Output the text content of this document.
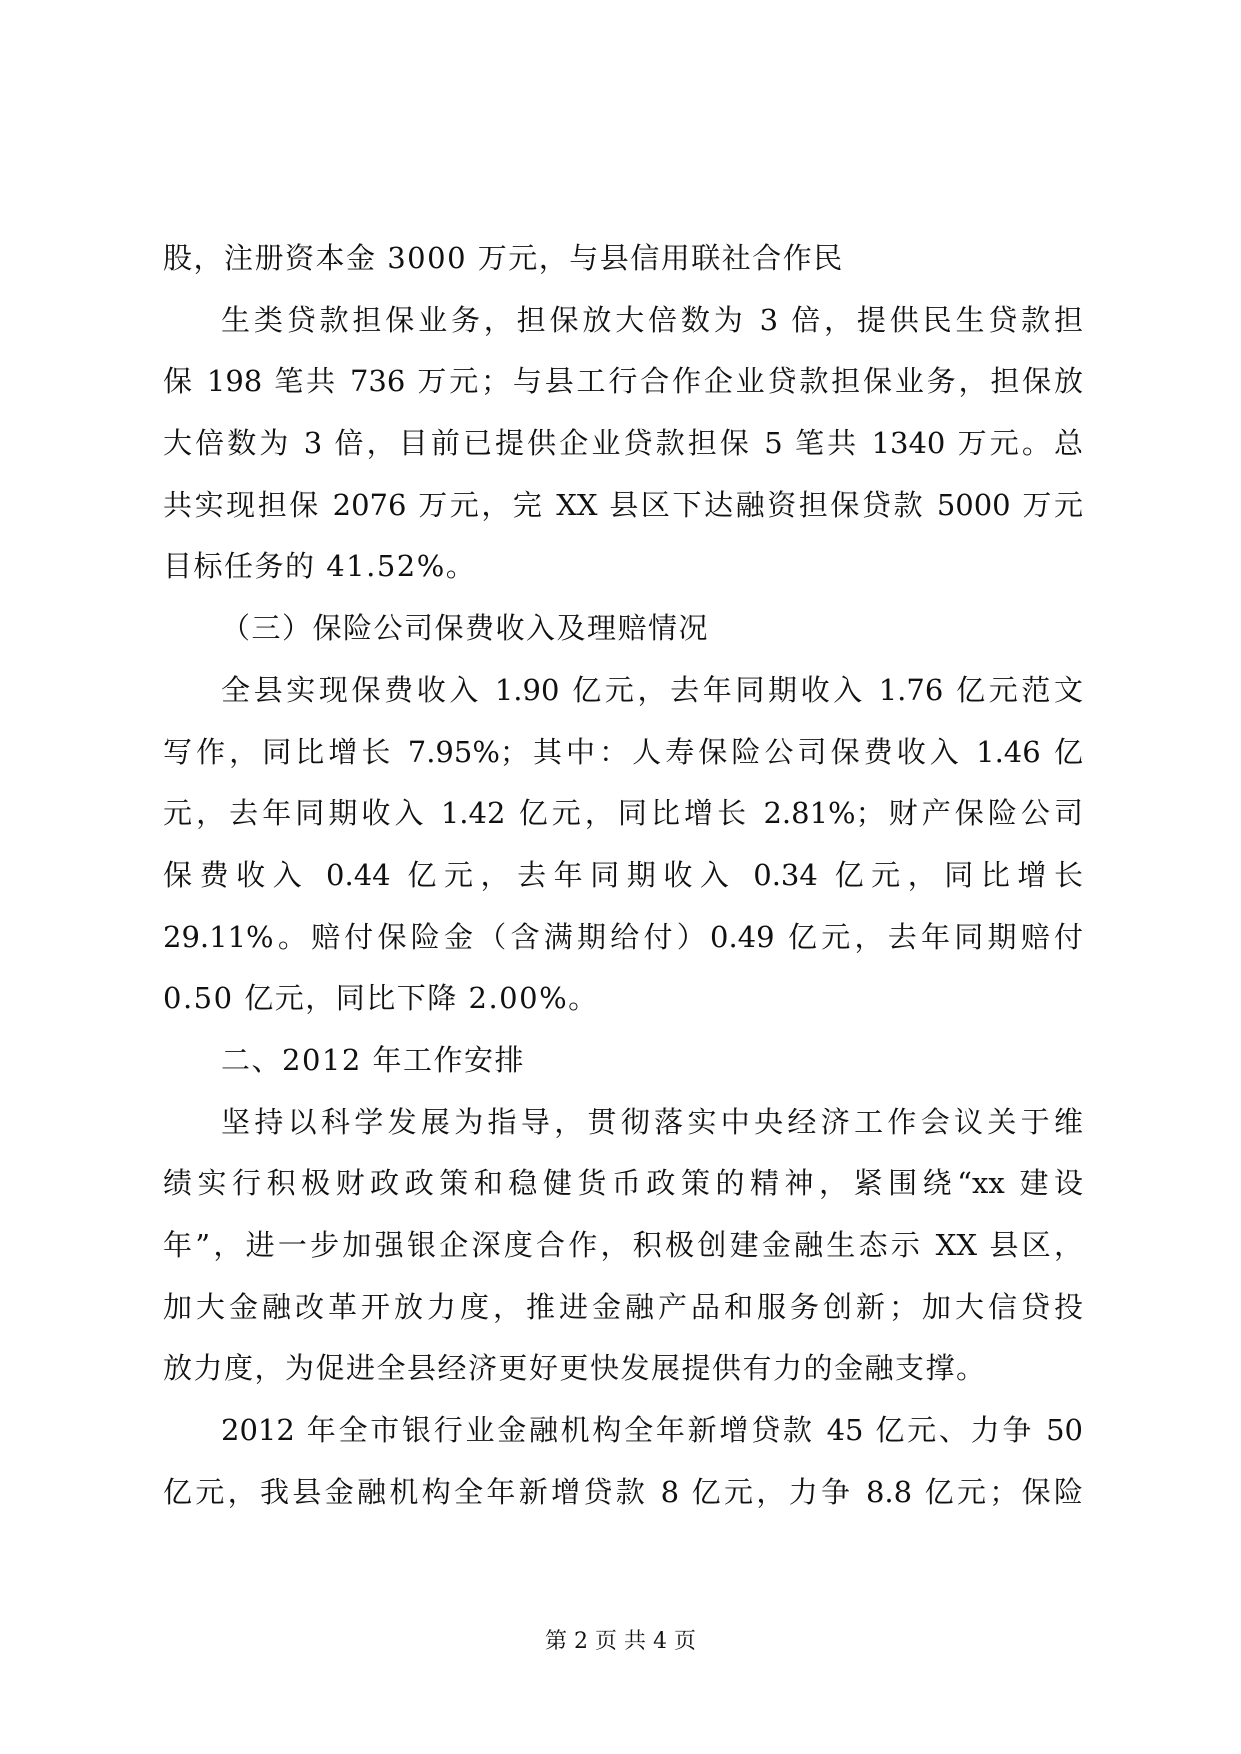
股，注册资本金 3000 万元，与县信用联社合作民
生类贷款担保业务，担保放大倍数为 3 倍，提供民生贷款担
保 198 笔共 736 万元；与县工行合作企业贷款担保业务，担保放
大倍数为 3 倍，目前已提供企业贷款担保 5 笔共 1340 万元。总
共实现担保 2076 万元，完 XX 县区下达融资担保贷款 5000 万元
目标任务的 41.52%。
（三）保险公司保费收入及理赔情况
全县实现保费收入 1.90 亿元，去年同期收入 1.76 亿元范文
写作，同比增长 7.95%；其中：人寿保险公司保费收入 1.46 亿
元，去年同期收入 1.42 亿元，同比增长 2.81%；财产保险公司
保费收入 0.44 亿元，去年同期收入 0.34 亿元，同比增长
29.11%。赔付保险金（含满期给付）0.49 亿元，去年同期赔付
0.50 亿元，同比下降 2.00%。
二、2012 年工作安排
坚持以科学发展为指导，贯彻落实中央经济工作会议关于维
绩实行积极财政政策和稳健货币政策的精神，紧围绕“xx 建设
年”，进一步加强银企深度合作，积极创建金融生态示 XX 县区，
加大金融改革开放力度，推进金融产品和服务创新；加大信贷投
放力度，为促进全县经济更好更快发展提供有力的金融支撑。
2012 年全市银行业金融机构全年新增贷款 45 亿元、力争 50
亿元，我县金融机构全年新增贷款 8 亿元，力争 8.8 亿元；保险
第 2 页 共 4 页
